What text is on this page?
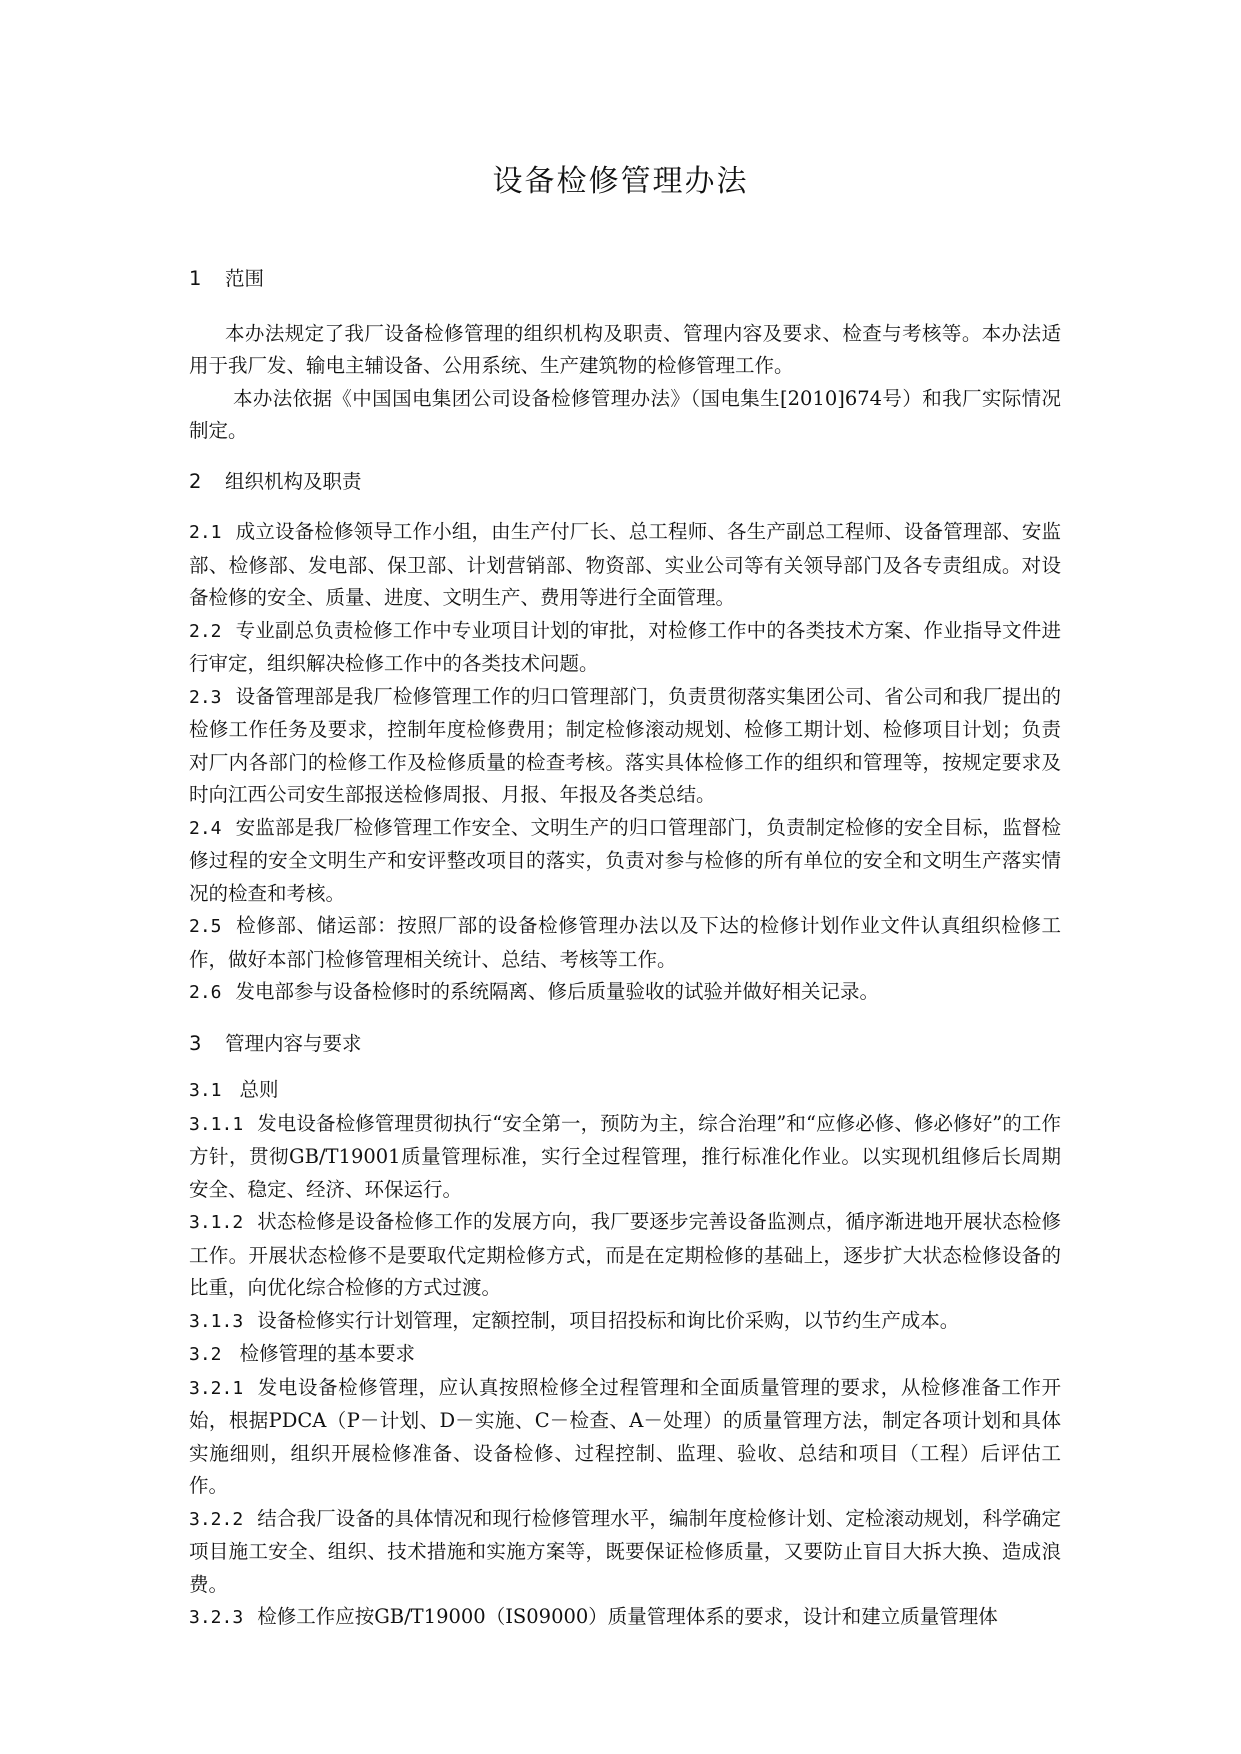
设备检修管理办法

1 范围

本办法规定了我厂设备检修管理的组织机构及职责、管理内容及要求、检查与考核等。本办法适用于我厂发、输电主辅设备、公用系统、生产建筑物的检修管理工作。

本办法依据《中国国电集团公司设备检修管理办法》（国电集生[2010]674号）和我厂实际情况制定。

2 组织机构及职责

2.1 成立设备检修领导工作小组，由生产付厂长、总工程师、各生产副总工程师、设备管理部、安监部、检修部、发电部、保卫部、计划营销部、物资部、实业公司等有关领导部门及各专责组成。对设备检修的安全、质量、进度、文明生产、费用等进行全面管理。

2.2 专业副总负责检修工作中专业项目计划的审批，对检修工作中的各类技术方案、作业指导文件进行审定，组织解决检修工作中的各类技术问题。

2.3 设备管理部是我厂检修管理工作的归口管理部门，负责贯彻落实集团公司、省公司和我厂提出的检修工作任务及要求，控制年度检修费用；制定检修滚动规划、检修工期计划、检修项目计划；负责对厂内各部门的检修工作及检修质量的检查考核。落实具体检修工作的组织和管理等，按规定要求及时向江西公司安生部报送检修周报、月报、年报及各类总结。

2.4 安监部是我厂检修管理工作安全、文明生产的归口管理部门，负责制定检修的安全目标，监督检修过程的安全文明生产和安评整改项目的落实，负责对参与检修的所有单位的安全和文明生产落实情况的检查和考核。

2.5 检修部、储运部：按照厂部的设备检修管理办法以及下达的检修计划作业文件认真组织检修工作，做好本部门检修管理相关统计、总结、考核等工作。

2.6 发电部参与设备检修时的系统隔离、修后质量验收的试验并做好相关记录。

3 管理内容与要求

3.1 总则

3.1.1 发电设备检修管理贯彻执行“安全第一，预防为主，综合治理”和“应修必修、修必修好”的工作方针，贯彻GB/T19001质量管理标准，实行全过程管理，推行标准化作业。以实现机组修后长周期安全、稳定、经济、环保运行。

3.1.2 状态检修是设备检修工作的发展方向，我厂要逐步完善设备监测点，循序渐进地开展状态检修工作。开展状态检修不是要取代定期检修方式，而是在定期检修的基础上，逐步扩大状态检修设备的比重，向优化综合检修的方式过渡。

3.1.3 设备检修实行计划管理，定额控制，项目招投标和询比价采购，以节约生产成本。

3.2 检修管理的基本要求

3.2.1 发电设备检修管理，应认真按照检修全过程管理和全面质量管理的要求，从检修准备工作开始，根据PDCA（P－计划、D－实施、C－检查、A－处理）的质量管理方法，制定各项计划和具体实施细则，组织开展检修准备、设备检修、过程控制、监理、验收、总结和项目（工程）后评估工作。

3.2.2 结合我厂设备的具体情况和现行检修管理水平，编制年度检修计划、定检滚动规划，科学确定项目施工安全、组织、技术措施和实施方案等，既要保证检修质量，又要防止盲目大拆大换、造成浪费。

3.2.3 检修工作应按GB/T19000（IS09000）质量管理体系的要求，设计和建立质量管理体
